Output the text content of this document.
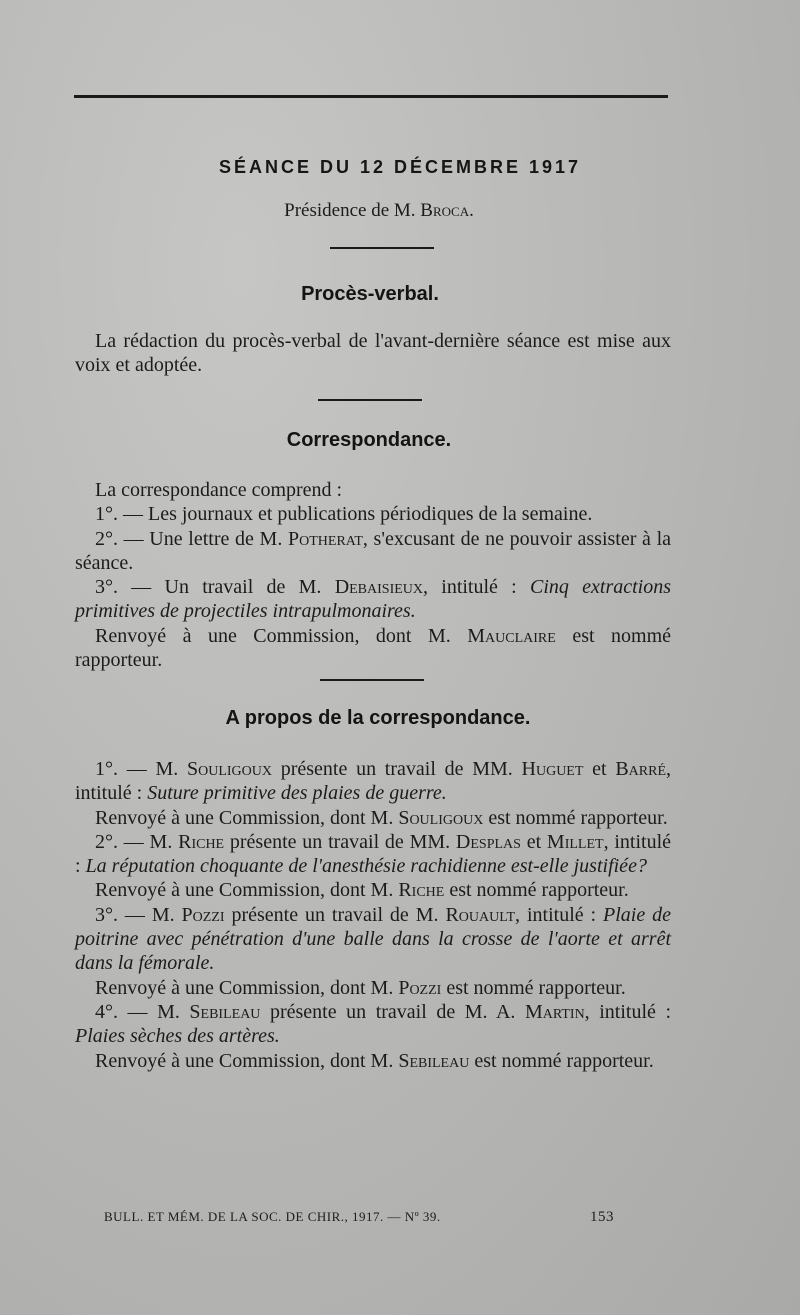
SÉANCE DU 12 DÉCEMBRE 1917
Présidence de M. Broca.
Procès-verbal.

La rédaction du procès-verbal de l'avant-dernière séance est mise aux voix et adoptée.

Correspondance.

La correspondance comprend :

1°. — Les journaux et publications périodiques de la semaine.

2°. — Une lettre de M. Potherat, s'excusant de ne pouvoir assister à la séance.

3°. — Un travail de M. Debaisieux, intitulé : Cinq extractions primitives de projectiles intrapulmonaires.

Renvoyé à une Commission, dont M. Mauclaire est nommé rapporteur.

A propos de la correspondance.

1°. — M. Souligoux présente un travail de MM. Huguet et Barré, intitulé : Suture primitive des plaies de guerre.

Renvoyé à une Commission, dont M. Souligoux est nommé rapporteur.

2°. — M. Riche présente un travail de MM. Desplas et Millet, intitulé : La réputation choquante de l'anesthésie rachidienne est-elle justifiée?

Renvoyé à une Commission, dont M. Riche est nommé rapporteur.

3°. — M. Pozzi présente un travail de M. Rouault, intitulé : Plaie de poitrine avec pénétration d'une balle dans la crosse de l'aorte et arrêt dans la fémorale.

Renvoyé à une Commission, dont M. Pozzi est nommé rapporteur.

4°. — M. Sebileau présente un travail de M. A. Martin, intitulé : Plaies sèches des artères.

Renvoyé à une Commission, dont M. Sebileau est nommé rapporteur.

BULL. ET MÉM. DE LA SOC. DE CHIR., 1917. — Nº 39.	153
